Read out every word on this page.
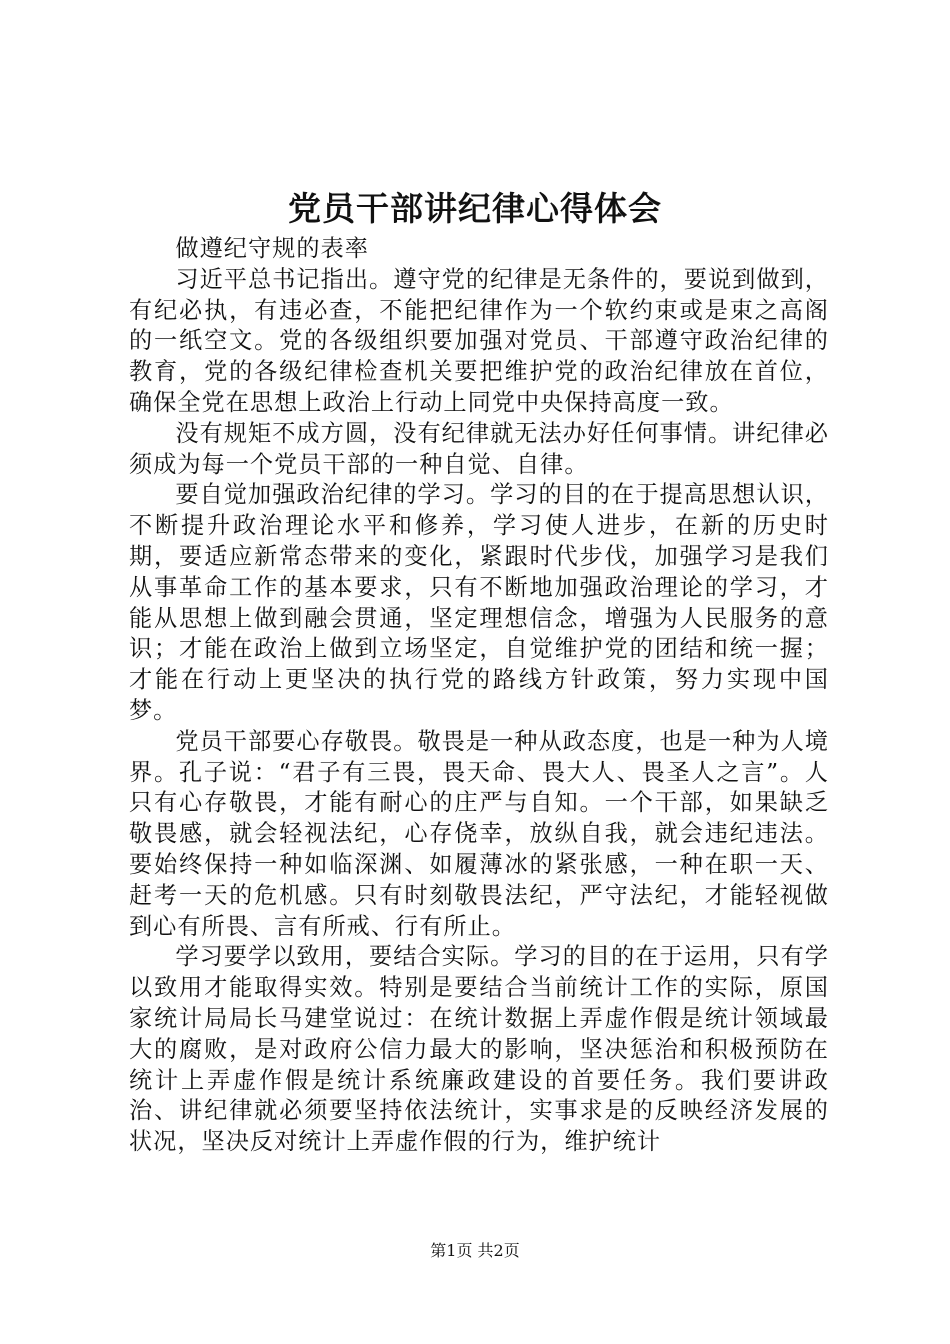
党员干部讲纪律心得体会

做遵纪守规的表率

习近平总书记指出。遵守党的纪律是无条件的，要说到做到，有纪必执，有违必查，不能把纪律作为一个软约束或是束之高阁的一纸空文。党的各级组织要加强对党员、干部遵守政治纪律的教育，党的各级纪律检查机关要把维护党的政治纪律放在首位，确保全党在思想上政治上行动上同党中央保持高度一致。

没有规矩不成方圆，没有纪律就无法办好任何事情。讲纪律必须成为每一个党员干部的一种自觉、自律。

要自觉加强政治纪律的学习。学习的目的在于提高思想认识，不断提升政治理论水平和修养，学习使人进步，在新的历史时期，要适应新常态带来的变化，紧跟时代步伐，加强学习是我们从事革命工作的基本要求，只有不断地加强政治理论的学习，才能从思想上做到融会贯通，坚定理想信念，增强为人民服务的意识；才能在政治上做到立场坚定，自觉维护党的团结和统一握；才能在行动上更坚决的执行党的路线方针政策，努力实现中国梦。

党员干部要心存敬畏。敬畏是一种从政态度，也是一种为人境界。孔子说：“君子有三畏，畏天命、畏大人、畏圣人之言”。人只有心存敬畏，才能有耐心的庄严与自知。一个干部，如果缺乏敬畏感，就会轻视法纪，心存侥幸，放纵自我，就会违纪违法。要始终保持一种如临深渊、如履薄冰的紧张感，一种在职一天、赶考一天的危机感。只有时刻敬畏法纪，严守法纪，才能轻视做到心有所畏、言有所戒、行有所止。

学习要学以致用，要结合实际。学习的目的在于运用，只有学以致用才能取得实效。特别是要结合当前统计工作的实际，原国家统计局局长马建堂说过：在统计数据上弄虚作假是统计领域最大的腐败，是对政府公信力最大的影响，坚决惩治和积极预防在统计上弄虚作假是统计系统廉政建设的首要任务。我们要讲政治、讲纪律就必须要坚持依法统计，实事求是的反映经济发展的状况，坚决反对统计上弄虚作假的行为，维护统计

第1页 共2页
